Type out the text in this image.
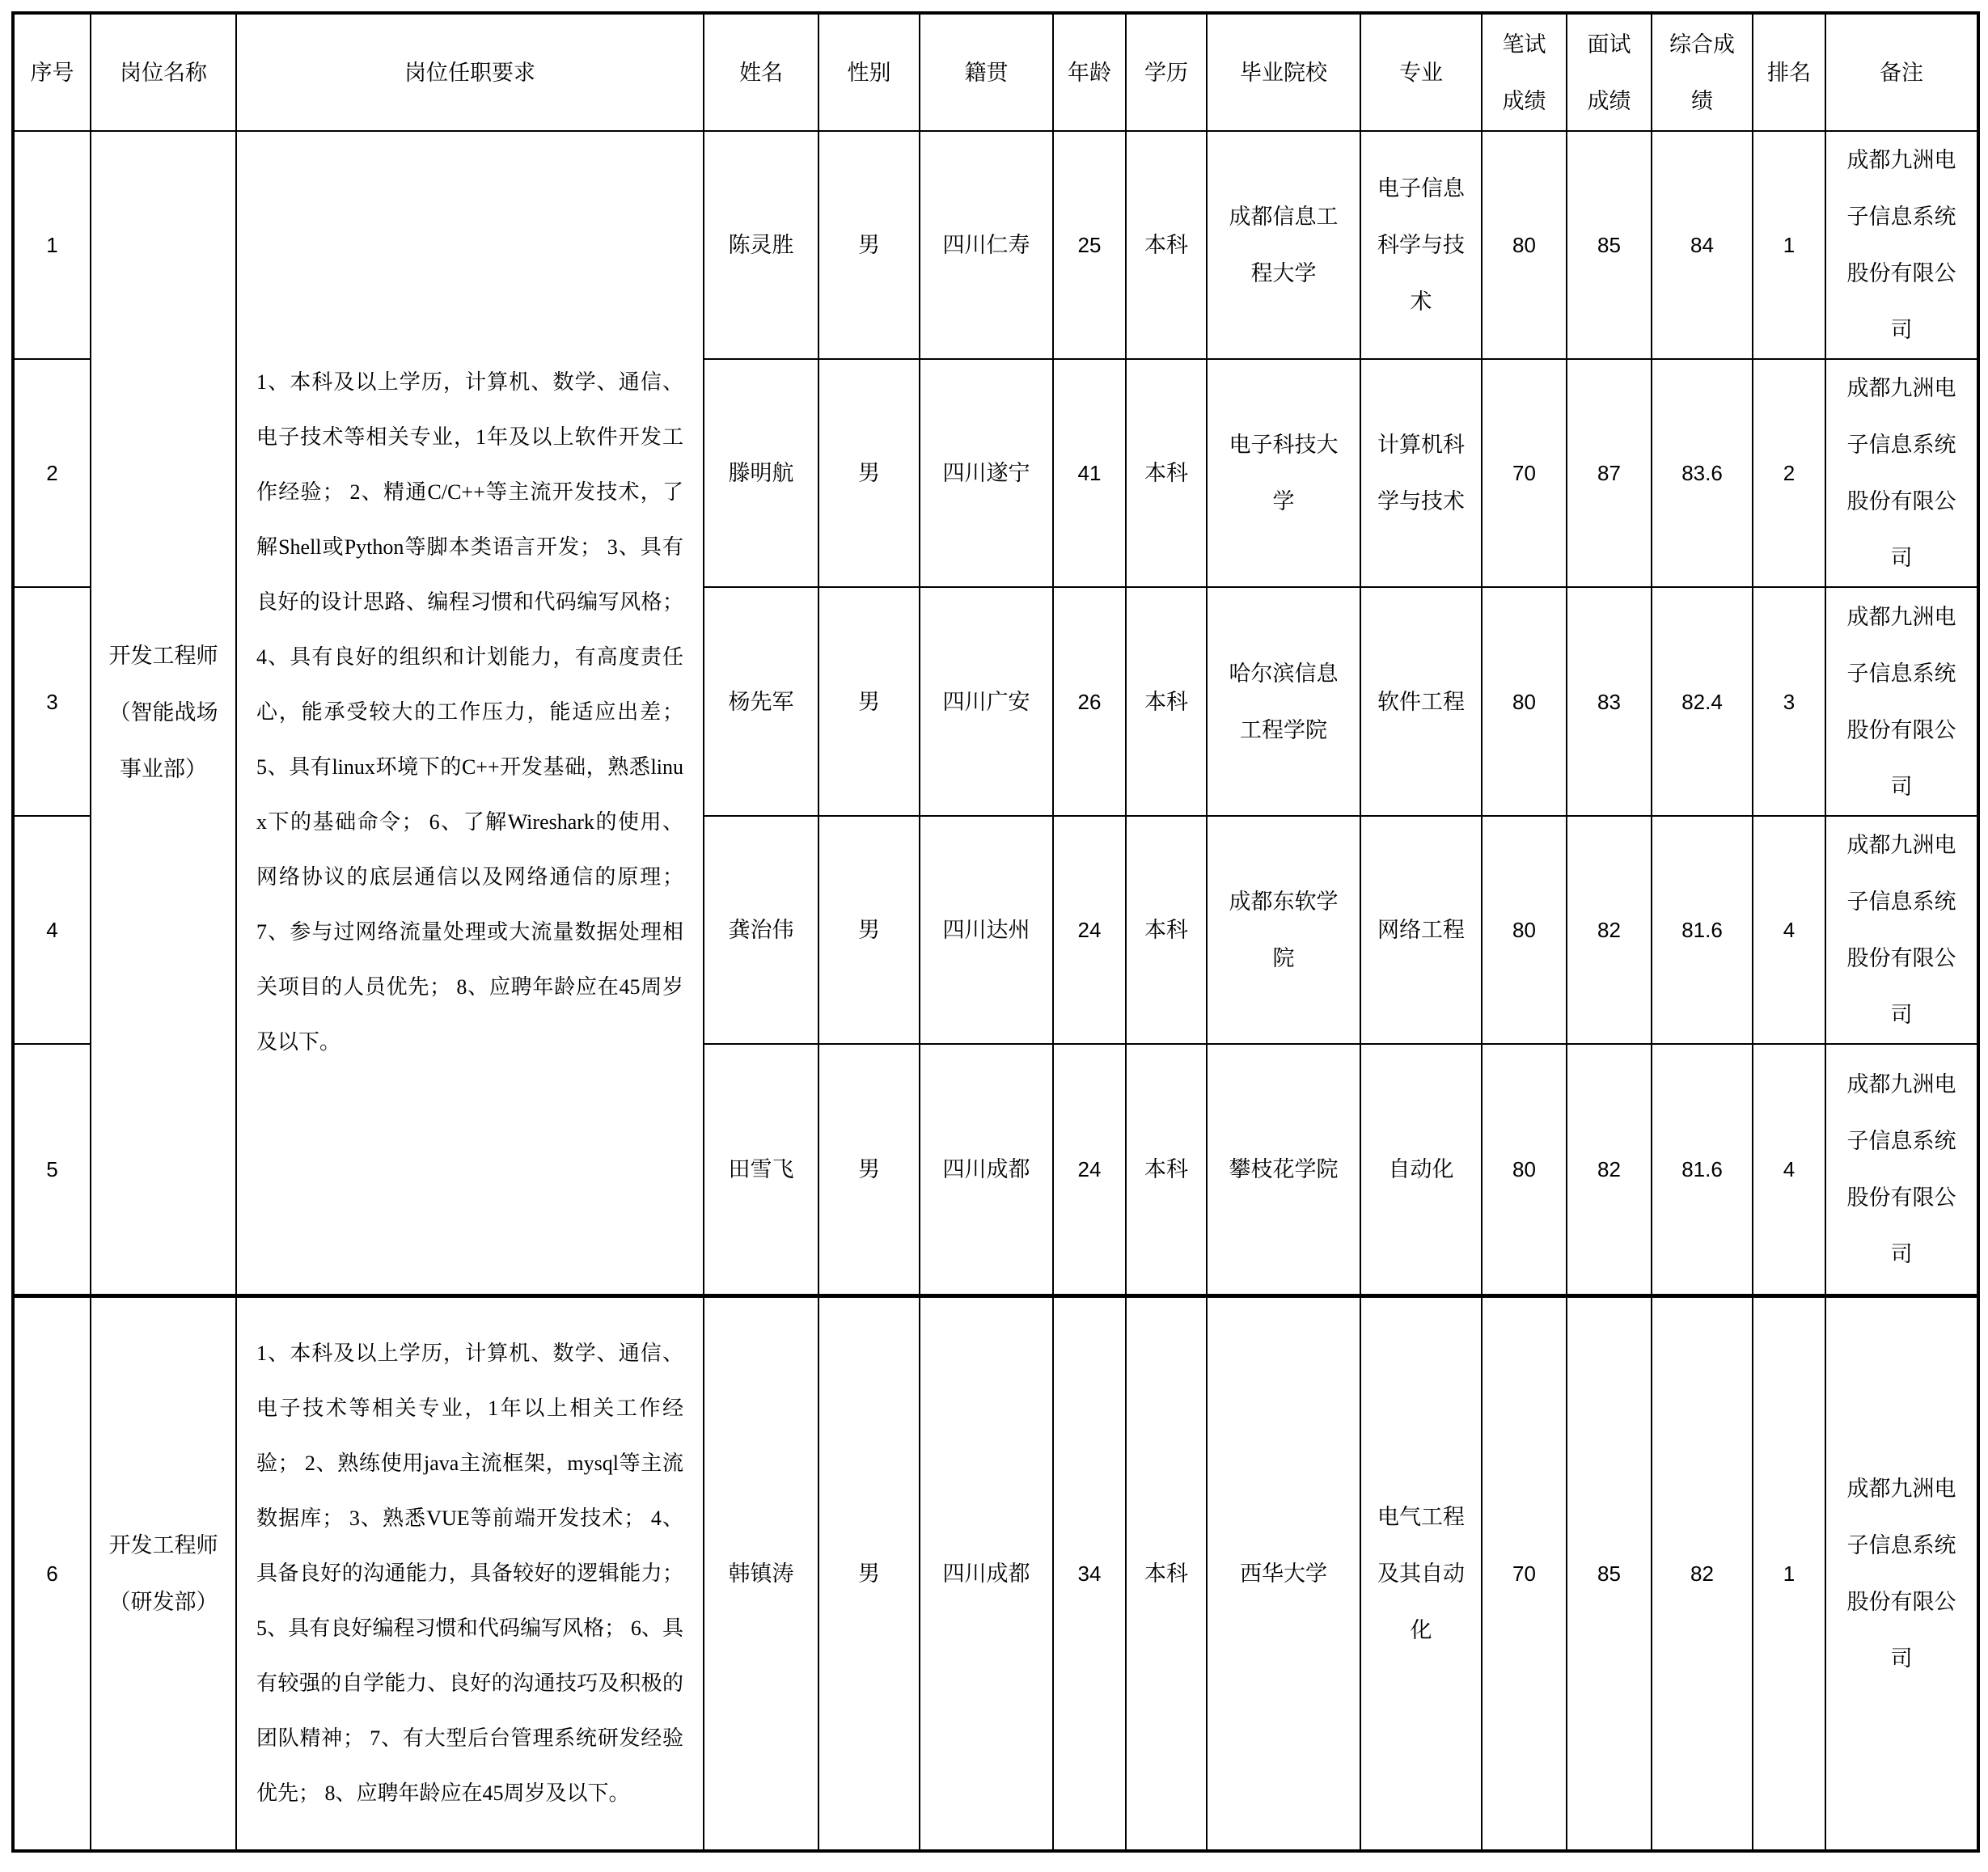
序号	岗位名称	岗位任职要求	姓名	性别	籍贯	年龄	学历	毕业院校	专业	笔试成绩	面试成绩	综合成绩	排名	备注
1	开发工程师（智能战场事业部）	1、本科及以上学历，计算机、数学、通信、电子技术等相关专业，1年及以上软件开发工作经验； 2、精通C/C++等主流开发技术，了解Shell或Python等脚本类语言开发； 3、具有良好的设计思路、编程习惯和代码编写风格； 4、具有良好的组织和计划能力，有高度责任心，能承受较大的工作压力，能适应出差； 5、具有linux环境下的C++开发基础，熟悉linux下的基础命令； 6、了解Wireshark的使用、网络协议的底层通信以及网络通信的原理； 7、参与过网络流量处理或大流量数据处理相关项目的人员优先； 8、应聘年龄应在45周岁及以下。	陈灵胜	男	四川仁寿	25	本科	成都信息工程大学	电子信息科学与技术	80	85	84	1	成都九洲电子信息系统股份有限公司
2			滕明航	男	四川遂宁	41	本科	电子科技大学	计算机科学与技术	70	87	83.6	2	成都九洲电子信息系统股份有限公司
3			杨先军	男	四川广安	26	本科	哈尔滨信息工程学院	软件工程	80	83	82.4	3	成都九洲电子信息系统股份有限公司
4			龚治伟	男	四川达州	24	本科	成都东软学院	网络工程	80	82	81.6	4	成都九洲电子信息系统股份有限公司
5			田雪飞	男	四川成都	24	本科	攀枝花学院	自动化	80	82	81.6	4	成都九洲电子信息系统股份有限公司
6	开发工程师（研发部）	1、本科及以上学历，计算机、数学、通信、电子技术等相关专业，1年以上相关工作经验； 2、熟练使用java主流框架，mysql等主流数据库； 3、熟悉VUE等前端开发技术； 4、具备良好的沟通能力，具备较好的逻辑能力； 5、具有良好编程习惯和代码编写风格； 6、具有较强的自学能力、良好的沟通技巧及积极的团队精神； 7、有大型后台管理系统研发经验优先； 8、应聘年龄应在45周岁及以下。	韩镇涛	男	四川成都	34	本科	西华大学	电气工程及其自动化	70	85	82	1	成都九洲电子信息系统股份有限公司
